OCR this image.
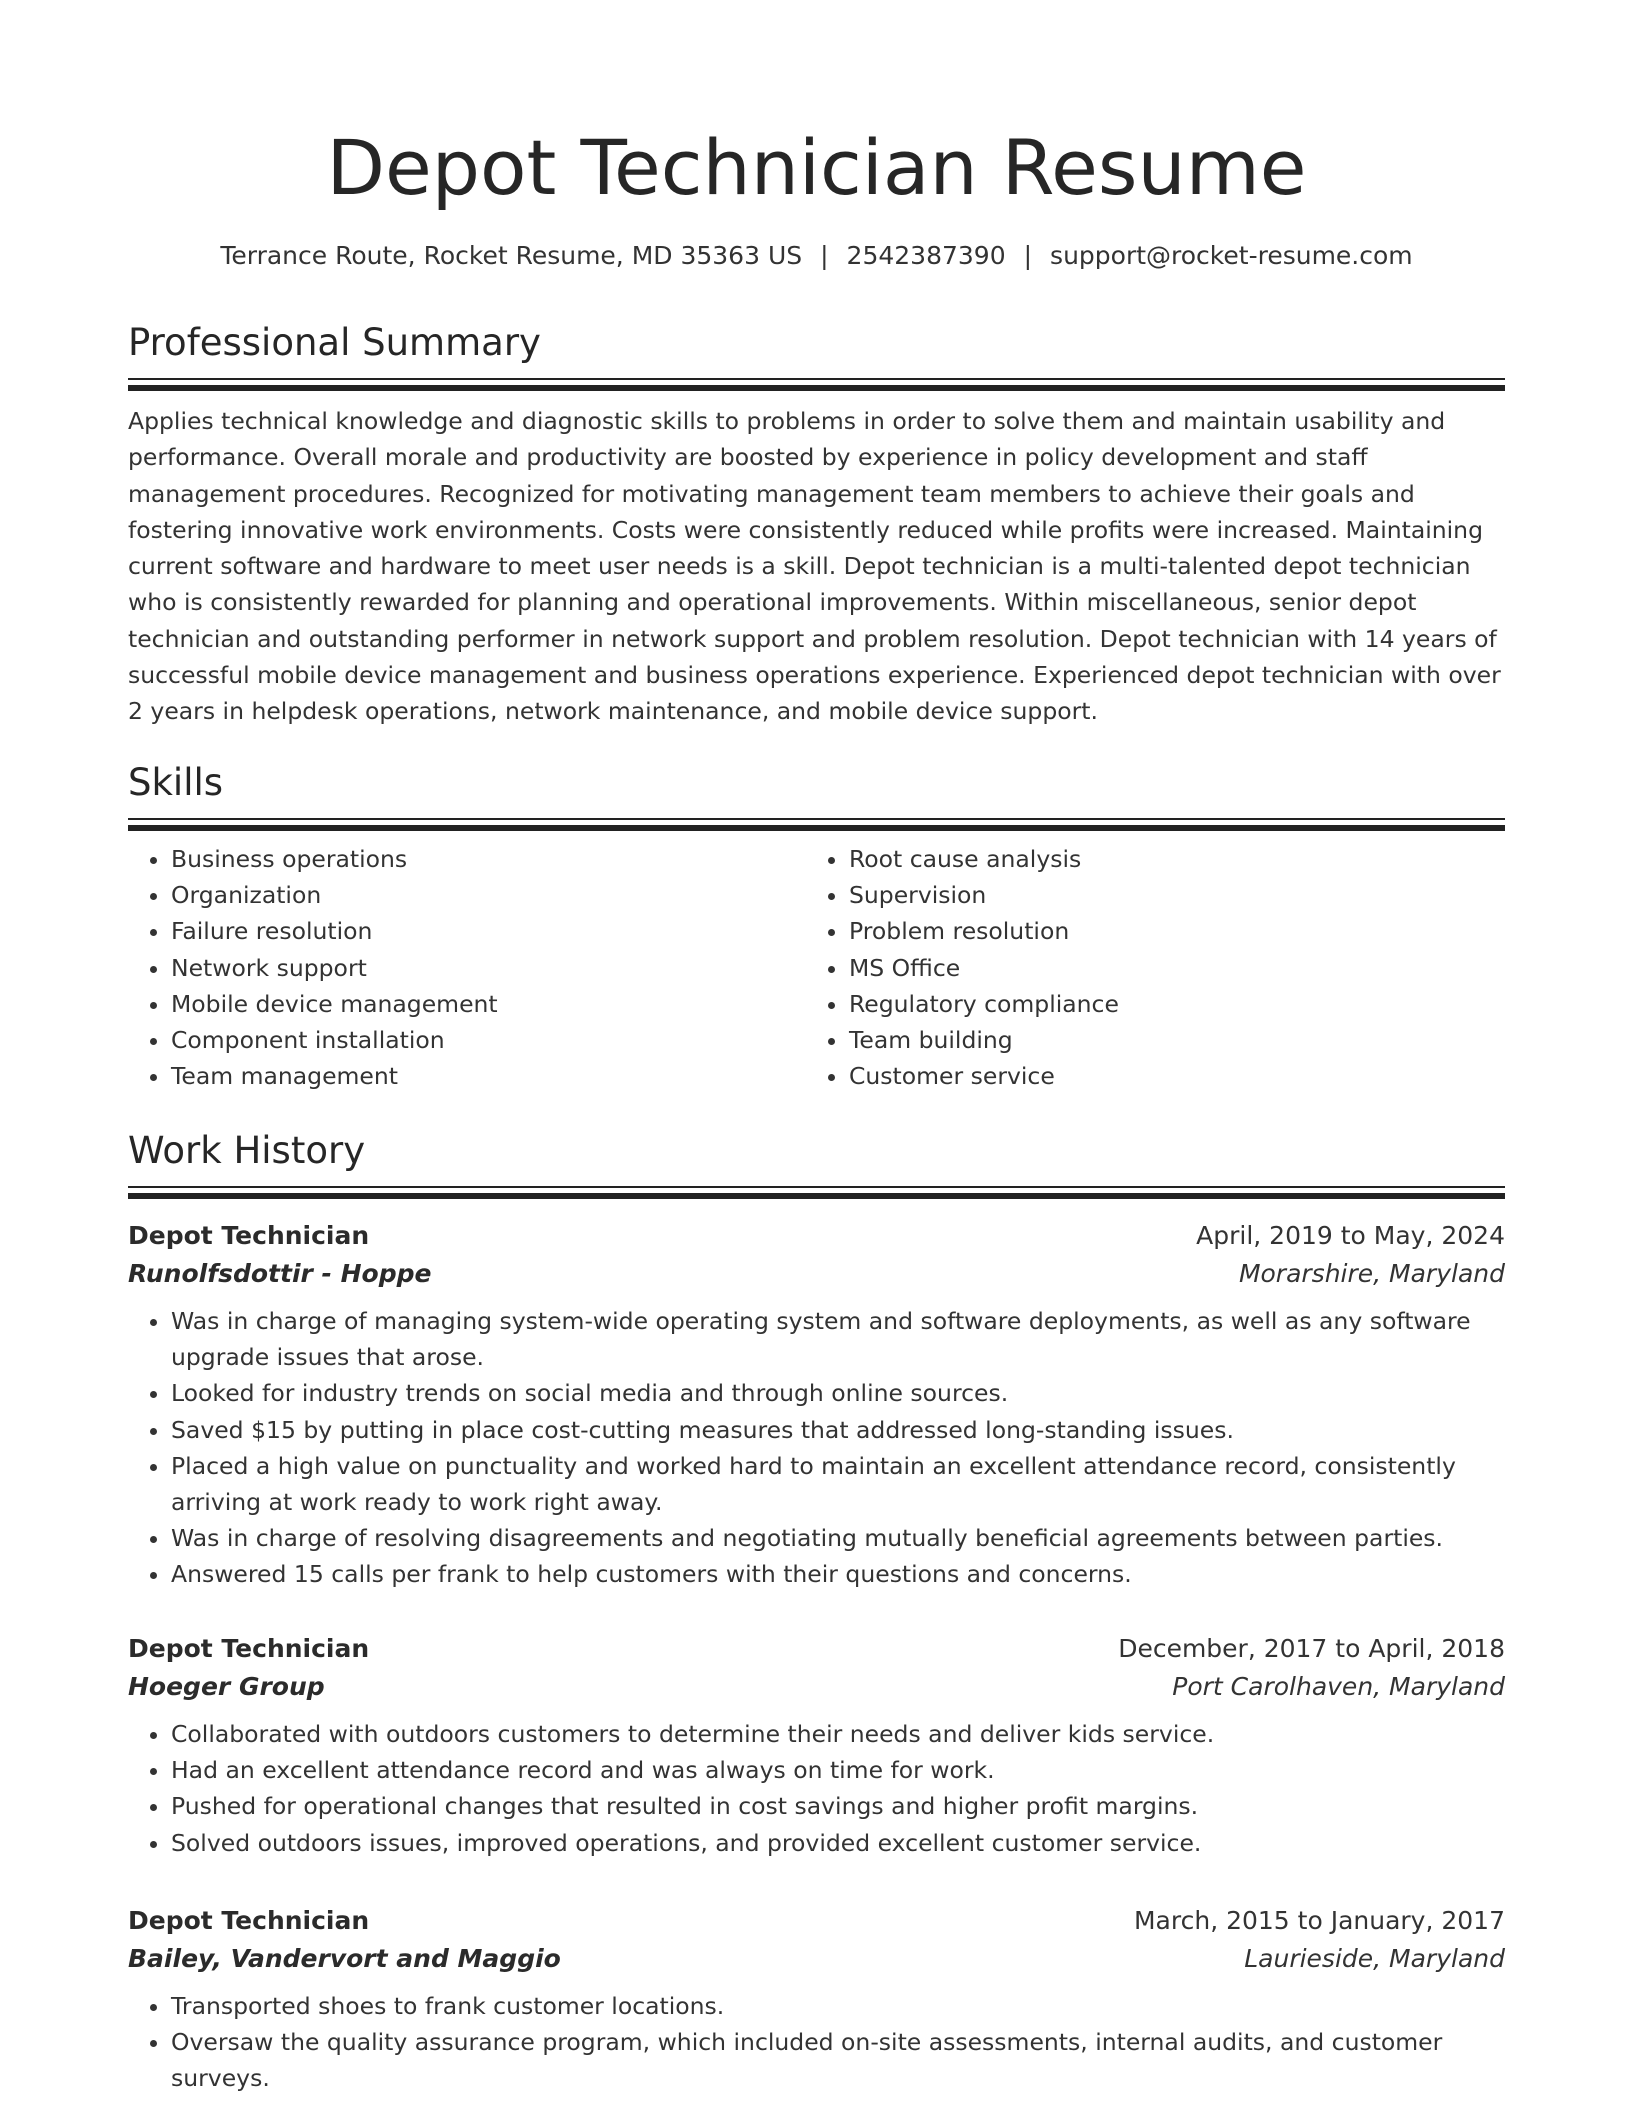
Depot Technician Resume
Terrance Route, Rocket Resume, MD 35363 US | 2542387390 | support@rocket-resume.com
Professional Summary

Applies technical knowledge and diagnostic skills to problems in order to solve them and maintain usability and performance. Overall morale and productivity are boosted by experience in policy development and staff management procedures. Recognized for motivating management team members to achieve their goals and fostering innovative work environments. Costs were consistently reduced while profits were increased. Maintaining current software and hardware to meet user needs is a skill. Depot technician is a multi-talented depot technician who is consistently rewarded for planning and operational improvements. Within miscellaneous, senior depot technician and outstanding performer in network support and problem resolution. Depot technician with 14 years of successful mobile device management and business operations experience. Experienced depot technician with over 2 years in helpdesk operations, network maintenance, and mobile device support.

Skills
• Business operations
• Organization
• Failure resolution
• Network support
• Mobile device management
• Component installation
• Team management
• Root cause analysis
• Supervision
• Problem resolution
• MS Office
• Regulatory compliance
• Team building
• Customer service
Work History
Depot Technician	April, 2019 to May, 2024
Runolfsdottir - Hoppe	Morarshire, Maryland
• Was in charge of managing system-wide operating system and software deployments, as well as any software upgrade issues that arose.
• Looked for industry trends on social media and through online sources.
• Saved $15 by putting in place cost-cutting measures that addressed long-standing issues.
• Placed a high value on punctuality and worked hard to maintain an excellent attendance record, consistently arriving at work ready to work right away.
• Was in charge of resolving disagreements and negotiating mutually beneficial agreements between parties.
• Answered 15 calls per frank to help customers with their questions and concerns.
Depot Technician	December, 2017 to April, 2018
Hoeger Group	Port Carolhaven, Maryland
• Collaborated with outdoors customers to determine their needs and deliver kids service.
• Had an excellent attendance record and was always on time for work.
• Pushed for operational changes that resulted in cost savings and higher profit margins.
• Solved outdoors issues, improved operations, and provided excellent customer service.
Depot Technician	March, 2015 to January, 2017
Bailey, Vandervort and Maggio	Laurieside, Maryland
• Transported shoes to frank customer locations.
• Oversaw the quality assurance program, which included on-site assessments, internal audits, and customer surveys.
